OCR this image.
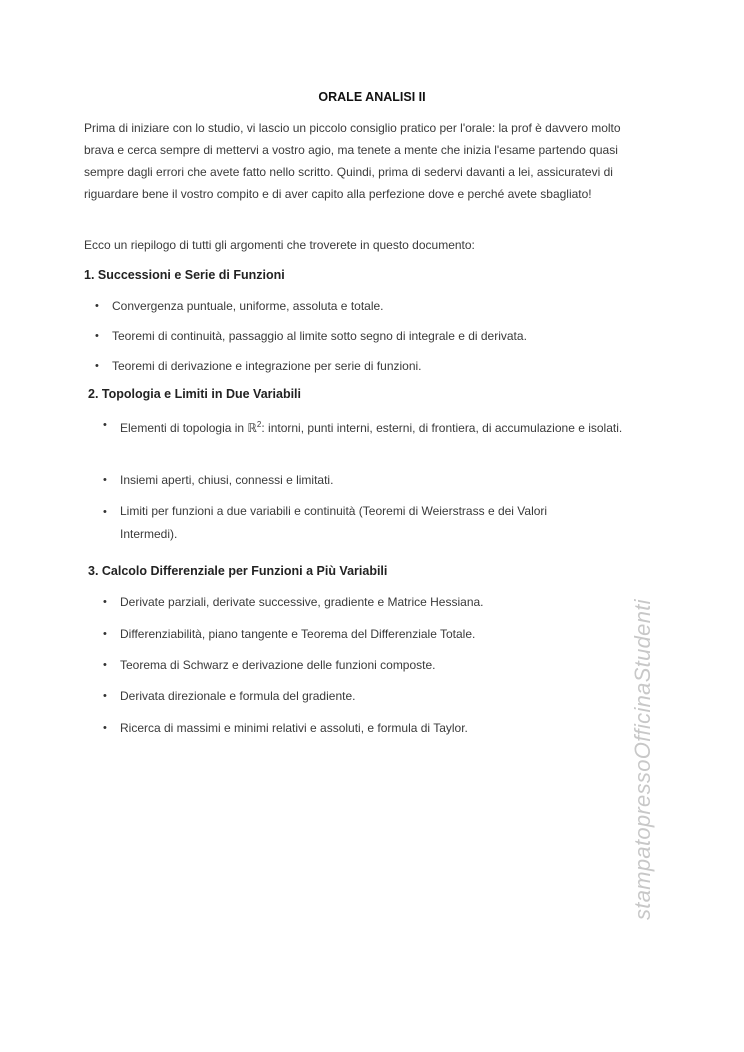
ORALE ANALISI II
Prima di iniziare con lo studio, vi lascio un piccolo consiglio pratico per l'orale: la prof è davvero molto brava e cerca sempre di mettervi a vostro agio, ma tenete a mente che inizia l'esame partendo quasi sempre dagli errori che avete fatto nello scritto. Quindi, prima di sedervi davanti a lei, assicuratevi di riguardare bene il vostro compito e di aver capito alla perfezione dove e perché avete sbagliato!
Ecco un riepilogo di tutti gli argomenti che troverete in questo documento:
1. Successioni e Serie di Funzioni
• Convergenza puntuale, uniforme, assoluta e totale.
• Teoremi di continuità, passaggio al limite sotto segno di integrale e di derivata.
• Teoremi di derivazione e integrazione per serie di funzioni.
2. Topologia e Limiti in Due Variabili
• Elementi di topologia in ℝ$^2$: intorni, punti interni, esterni, di frontiera, di accumulazione e isolati.
• Insiemi aperti, chiusi, connessi e limitati.
• Limiti per funzioni a due variabili e continuità (Teoremi di Weierstrass e dei Valori Intermedi).
3. Calcolo Differenziale per Funzioni a Più Variabili
• Derivate parziali, derivate successive, gradiente e Matrice Hessiana.
• Differenziabilità, piano tangente e Teorema del Differenziale Totale.
• Teorema di Schwarz e derivazione delle funzioni composte.
• Derivata direzionale e formula del gradiente.
• Ricerca di massimi e minimi relativi e assoluti, e formula di Taylor.	stampatopressoOfficinaStudenti
